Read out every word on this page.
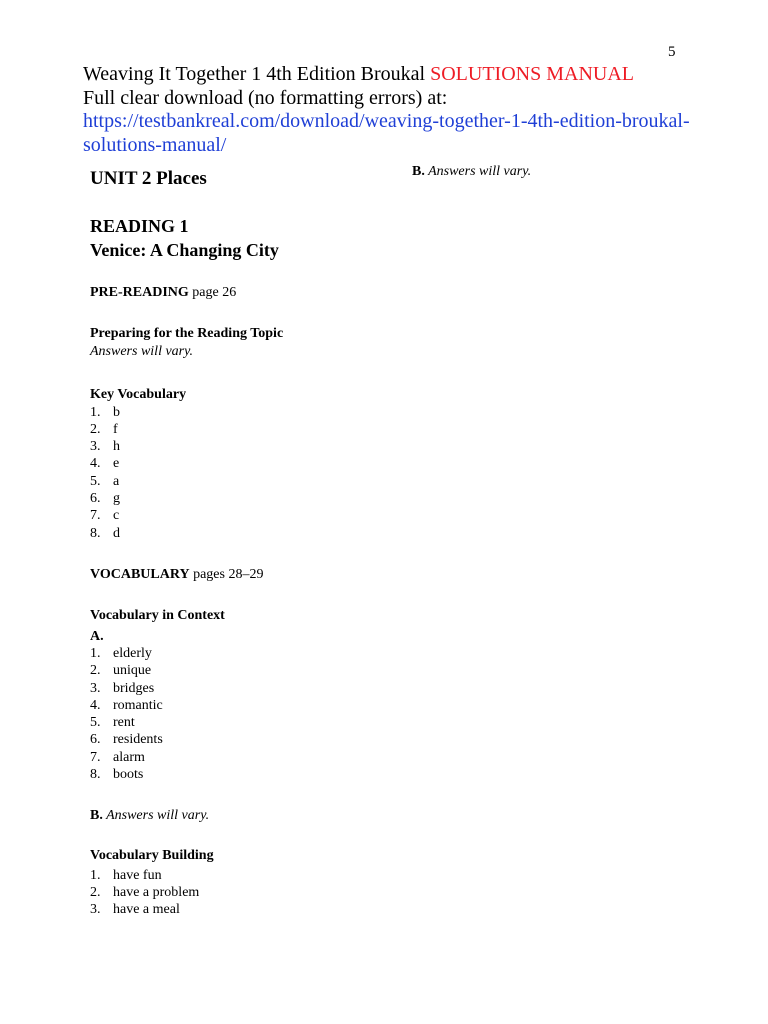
5
Weaving It Together 1 4th Edition Broukal SOLUTIONS MANUAL
Full clear download (no formatting errors) at:
https://testbankreal.com/download/weaving-together-1-4th-edition-broukal-
solutions-manual/
UNIT 2 Places
READING 1
Venice: A Changing City
PRE-READING page 26
Preparing for the Reading Topic
Answers will vary.
Key Vocabulary
1. b
2. f
3. h
4. e
5. a
6. g
7. c
8. d
VOCABULARY pages 28–29
Vocabulary in Context
A.
1. elderly
2. unique
3. bridges
4. romantic
5. rent
6. residents
7. alarm
8. boots
B. Answers will vary.
Vocabulary Building
1. have fun
2. have a problem
3. have a meal
B. Answers will vary.
